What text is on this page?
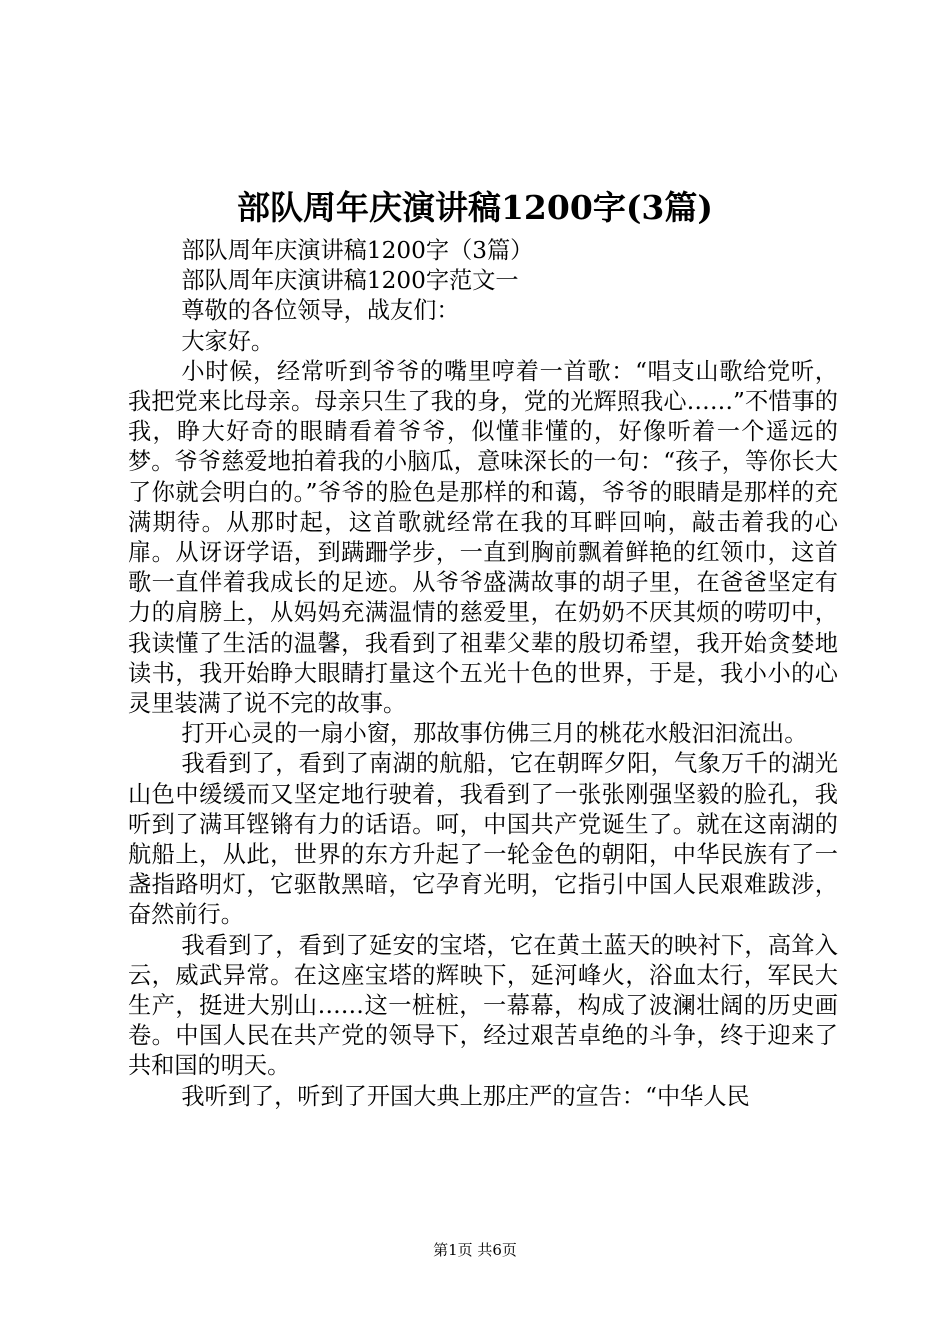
部队周年庆演讲稿1200字(3篇)

部队周年庆演讲稿1200字（3篇）

部队周年庆演讲稿1200字范文一

尊敬的各位领导，战友们：

大家好。

小时候，经常听到爷爷的嘴里哼着一首歌：“唱支山歌给党听，我把党来比母亲。母亲只生了我的身，党的光辉照我心……”不惜事的我，睁大好奇的眼睛看着爷爷，似懂非懂的，好像听着一个遥远的梦。爷爷慈爱地拍着我的小脑瓜，意味深长的一句：“孩子，等你长大了你就会明白的。”爷爷的脸色是那样的和蔼，爷爷的眼睛是那样的充满期待。从那时起，这首歌就经常在我的耳畔回响，敲击着我的心扉。从讶讶学语，到蹒跚学步，一直到胸前飘着鲜艳的红领巾，这首歌一直伴着我成长的足迹。从爷爷盛满故事的胡子里，在爸爸坚定有力的肩膀上，从妈妈充满温情的慈爱里，在奶奶不厌其烦的唠叨中，我读懂了生活的温馨，我看到了祖辈父辈的殷切希望，我开始贪婪地读书，我开始睁大眼睛打量这个五光十色的世界，于是，我小小的心灵里装满了说不完的故事。

打开心灵的一扇小窗，那故事仿佛三月的桃花水般汩汩流出。

我看到了，看到了南湖的航船，它在朝晖夕阳，气象万千的湖光山色中缓缓而又坚定地行驶着，我看到了一张张刚强坚毅的脸孔，我听到了满耳铿锵有力的话语。呵，中国共产党诞生了。就在这南湖的航船上，从此，世界的东方升起了一轮金色的朝阳，中华民族有了一盏指路明灯，它驱散黑暗，它孕育光明，它指引中国人民艰难跋涉，奋然前行。

我看到了，看到了延安的宝塔，它在黄土蓝天的映衬下，高耸入云，威武异常。在这座宝塔的辉映下，延河峰火，浴血太行，军民大生产，挺进大别山……这一桩桩，一幕幕，构成了波澜壮阔的历史画卷。中国人民在共产党的领导下，经过艰苦卓绝的斗争，终于迎来了共和国的明天。

我听到了，听到了开国大典上那庄严的宣告：“中华人民

第1页 共6页
